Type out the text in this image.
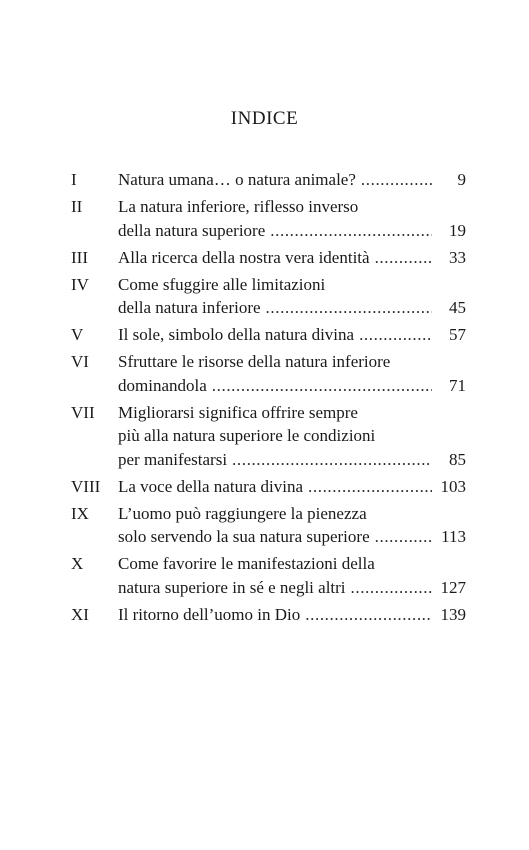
INDICE
I	Natura umana… o natura animale? .....	9
II	La natura inferiore, riflesso inverso
della natura superiore .....	19
III	Alla ricerca della nostra vera identità .....	33
IV	Come sfuggire alle limitazioni
della natura inferiore .....	45
V	Il sole, simbolo della natura divina .....	57
VI	Sfruttare le risorse della natura inferiore
dominandola .....	71
VII	Migliorarsi significa offrire sempre
più alla natura superiore le condizioni
per manifestarsi .....	85
VIII	La voce della natura divina .....	103
IX	L’uomo può raggiungere la pienezza
solo servendo la sua natura superiore .....	113
X	Come favorire le manifestazioni della
natura superiore in sé e negli altri .....	127
XI	Il ritorno dell’uomo in Dio .....	139
